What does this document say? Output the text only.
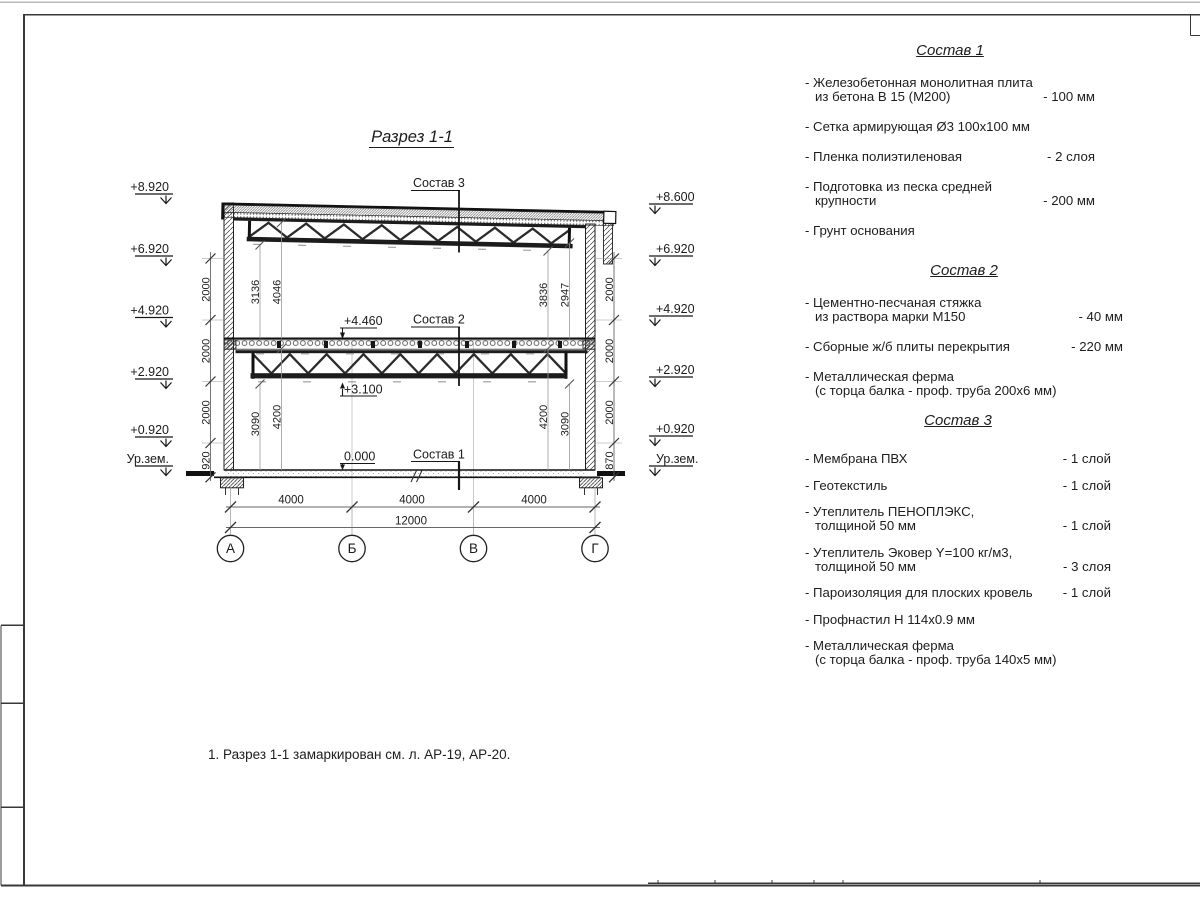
Разрез 1-1
Состав 3
Состав 2
Состав 1
+4.460
+3.100
0.000
+8.920
+6.920
+4.920
+2.920
+0.920
Ур.зем.
+8.600
+6.920
+4.920
+2.920
+0.920
Ур.зем.
2000
2000
2000
920
2000
2000
2000
870
3136 4046	3836 2947
3090 4200	4200 3090
4000	4000	4000
12000
А	Б	В	Г
Состав 1
- Железобетонная монолитная плита
из бетона В 15 (М200)	- 100 мм
- Сетка армирующая Ø3 100x100 мм
- Пленка полиэтиленовая	- 2 слоя
- Подготовка из песка средней
крупности	- 200 мм
- Грунт основания
Состав 2
- Цементно-песчаная стяжка
из раствора марки М150	- 40 мм
- Сборные ж/б плиты перекрытия	- 220 мм
- Металлическая ферма
(с торца балка - проф. труба 200х6 мм)
Состав 3
- Мембрана ПВХ	- 1 слой
- Геотекстиль	- 1 слой
- Утеплитель ПЕНОПЛЭКС,
толщиной 50 мм	- 1 слой
- Утеплитель Эковер Y=100 кг/м3,
толщиной 50 мм	- 3 слоя
- Пароизоляция для плоских кровель - 1 слой
- Профнастил Н 114x0.9 мм
- Металлическая ферма
(с торца балка - проф. труба 140х5 мм)
1. Разрез 1-1 замаркирован см. л. АР-19, АР-20.
